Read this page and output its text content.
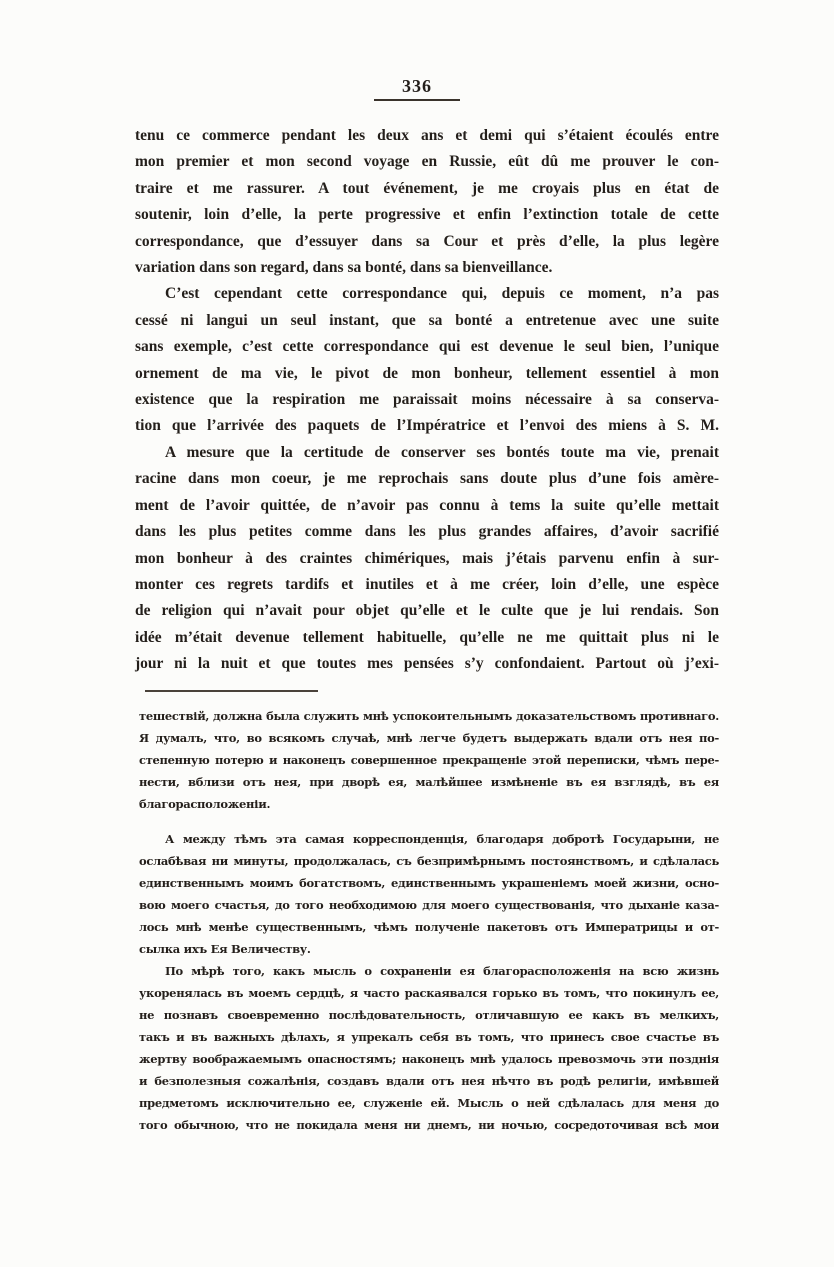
336
tenu ce commerce pendant les deux ans et demi qui s’étaient écoulés entre
mon premier et mon second voyage en Russie, eût dû me prouver le con-
traire et me rassurer. A tout événement, je me croyais plus en état de
soutenir, loin d’elle, la perte progressive et enfin l’extinction totale de cette
correspondance, que d’essuyer dans sa Cour et près d’elle, la plus legère
variation dans son regard, dans sa bonté, dans sa bienveillance.
C’est cependant cette correspondance qui, depuis ce moment, n’a pas
cessé ni langui un seul instant, que sa bonté a entretenue avec une suite
sans exemple, c’est cette correspondance qui est devenue le seul bien, l’unique
ornement de ma vie, le pivot de mon bonheur, tellement essentiel à mon
existence que la respiration me paraissait moins nécessaire à sa conserva-
tion que l’arrivée des paquets de l’Impératrice et l’envoi des miens à S. M.
A mesure que la certitude de conserver ses bontés toute ma vie, prenait
racine dans mon coeur, je me reprochais sans doute plus d’une fois amère-
ment de l’avoir quittée, de n’avoir pas connu à tems la suite qu’elle mettait
dans les plus petites comme dans les plus grandes affaires, d’avoir sacrifié
mon bonheur à des craintes chimériques, mais j’étais parvenu enfin à sur-
monter ces regrets tardifs et inutiles et à me créer, loin d’elle, une espèce
de religion qui n’avait pour objet qu’elle et le culte que je lui rendais. Son
idée m’était devenue tellement habituelle, qu’elle ne me quittait plus ni le
jour ni la nuit et que toutes mes pensées s’y confondaient. Partout où j’exi-
тешествій, должна была служить мнѣ успокоительнымъ доказательствомъ противнаго.
Я думалъ, что, во всякомъ случаѣ, мнѣ легче будетъ выдержать вдали отъ нея по-
степенную потерю и наконецъ совершенное прекращеніе этой переписки, чѣмъ пере-
нести, вблизи отъ нея, при дворѣ ея, малѣйшее измѣненіе въ ея взглядѣ, въ ея
благорасположеніи.
А между тѣмъ эта самая корреспонденція, благодаря добротѣ Государыни, не
ослабѣвая ни минуты, продолжалась, съ безпримѣрнымъ постоянствомъ, и сдѣлалась
единственнымъ моимъ богатствомъ, единственнымъ украшеніемъ моей жизни, осно-
вою моего счастья, до того необходимою для моего существованія, что дыханіе каза-
лось мнѣ менѣе существеннымъ, чѣмъ полученіе пакетовъ отъ Императрицы и от-
сылка ихъ Ея Величеству.
По мѣрѣ того, какъ мысль о сохраненіи ея благорасположенія на всю жизнь
укоренялась въ моемъ сердцѣ, я часто раскаявался горько въ томъ, что покинулъ ее,
не познавъ своевременно послѣдовательность, отличавшую ее какъ въ мелкихъ,
такъ и въ важныхъ дѣлахъ, я упрекалъ себя въ томъ, что принесъ свое счастье въ
жертву воображаемымъ опасностямъ; наконецъ мнѣ удалось превозмочь эти позднія
и безполезныя сожалѣнія, создавъ вдали отъ нея нѣчто въ родѣ религіи, имѣвшей
предметомъ исключительно ее, служеніе ей. Мысль о ней сдѣлалась для меня до
того обычною, что не покидала меня ни днемъ, ни ночью, сосредоточивая всѣ мои
